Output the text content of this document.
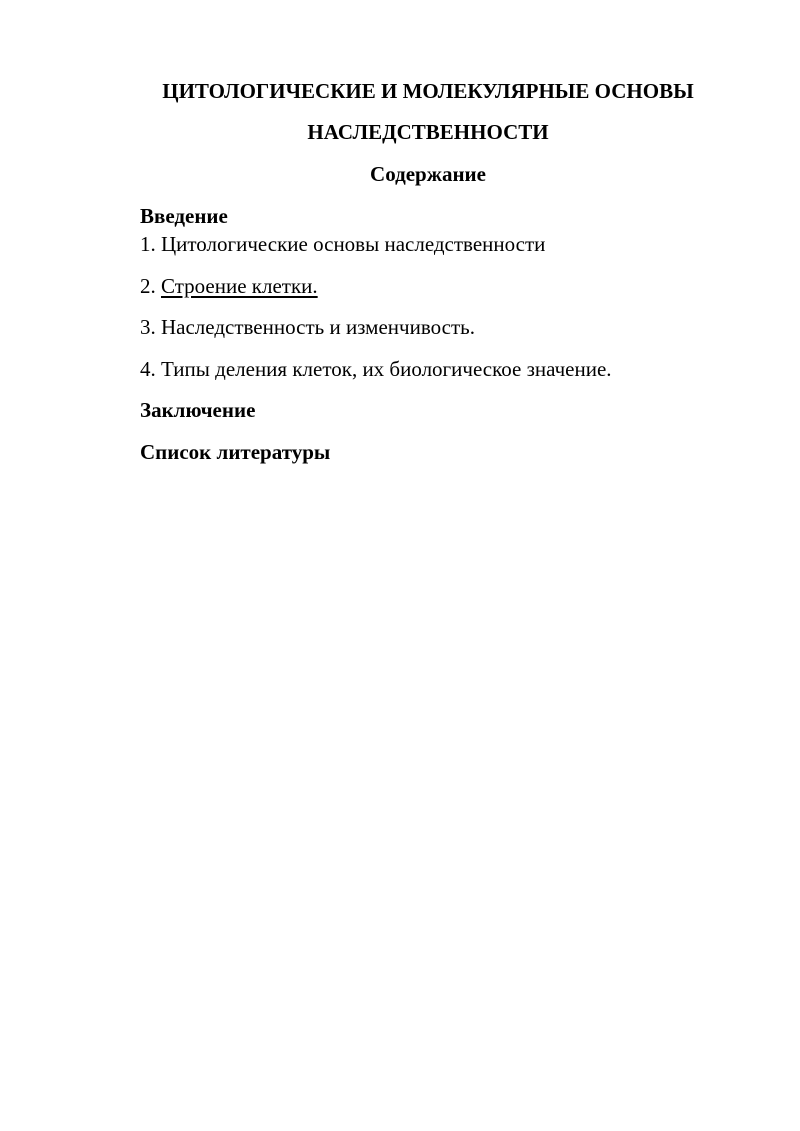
ЦИТОЛОГИЧЕСКИЕ И МОЛЕКУЛЯРНЫЕ ОСНОВЫ
НАСЛЕДСТВЕННОСТИ
Содержание
Введение
1. Цитологические основы наследственности
2. Строение клетки.
3. Наследственность и изменчивость.
4. Типы деления клеток, их биологическое значение.
Заключение
Список литературы
